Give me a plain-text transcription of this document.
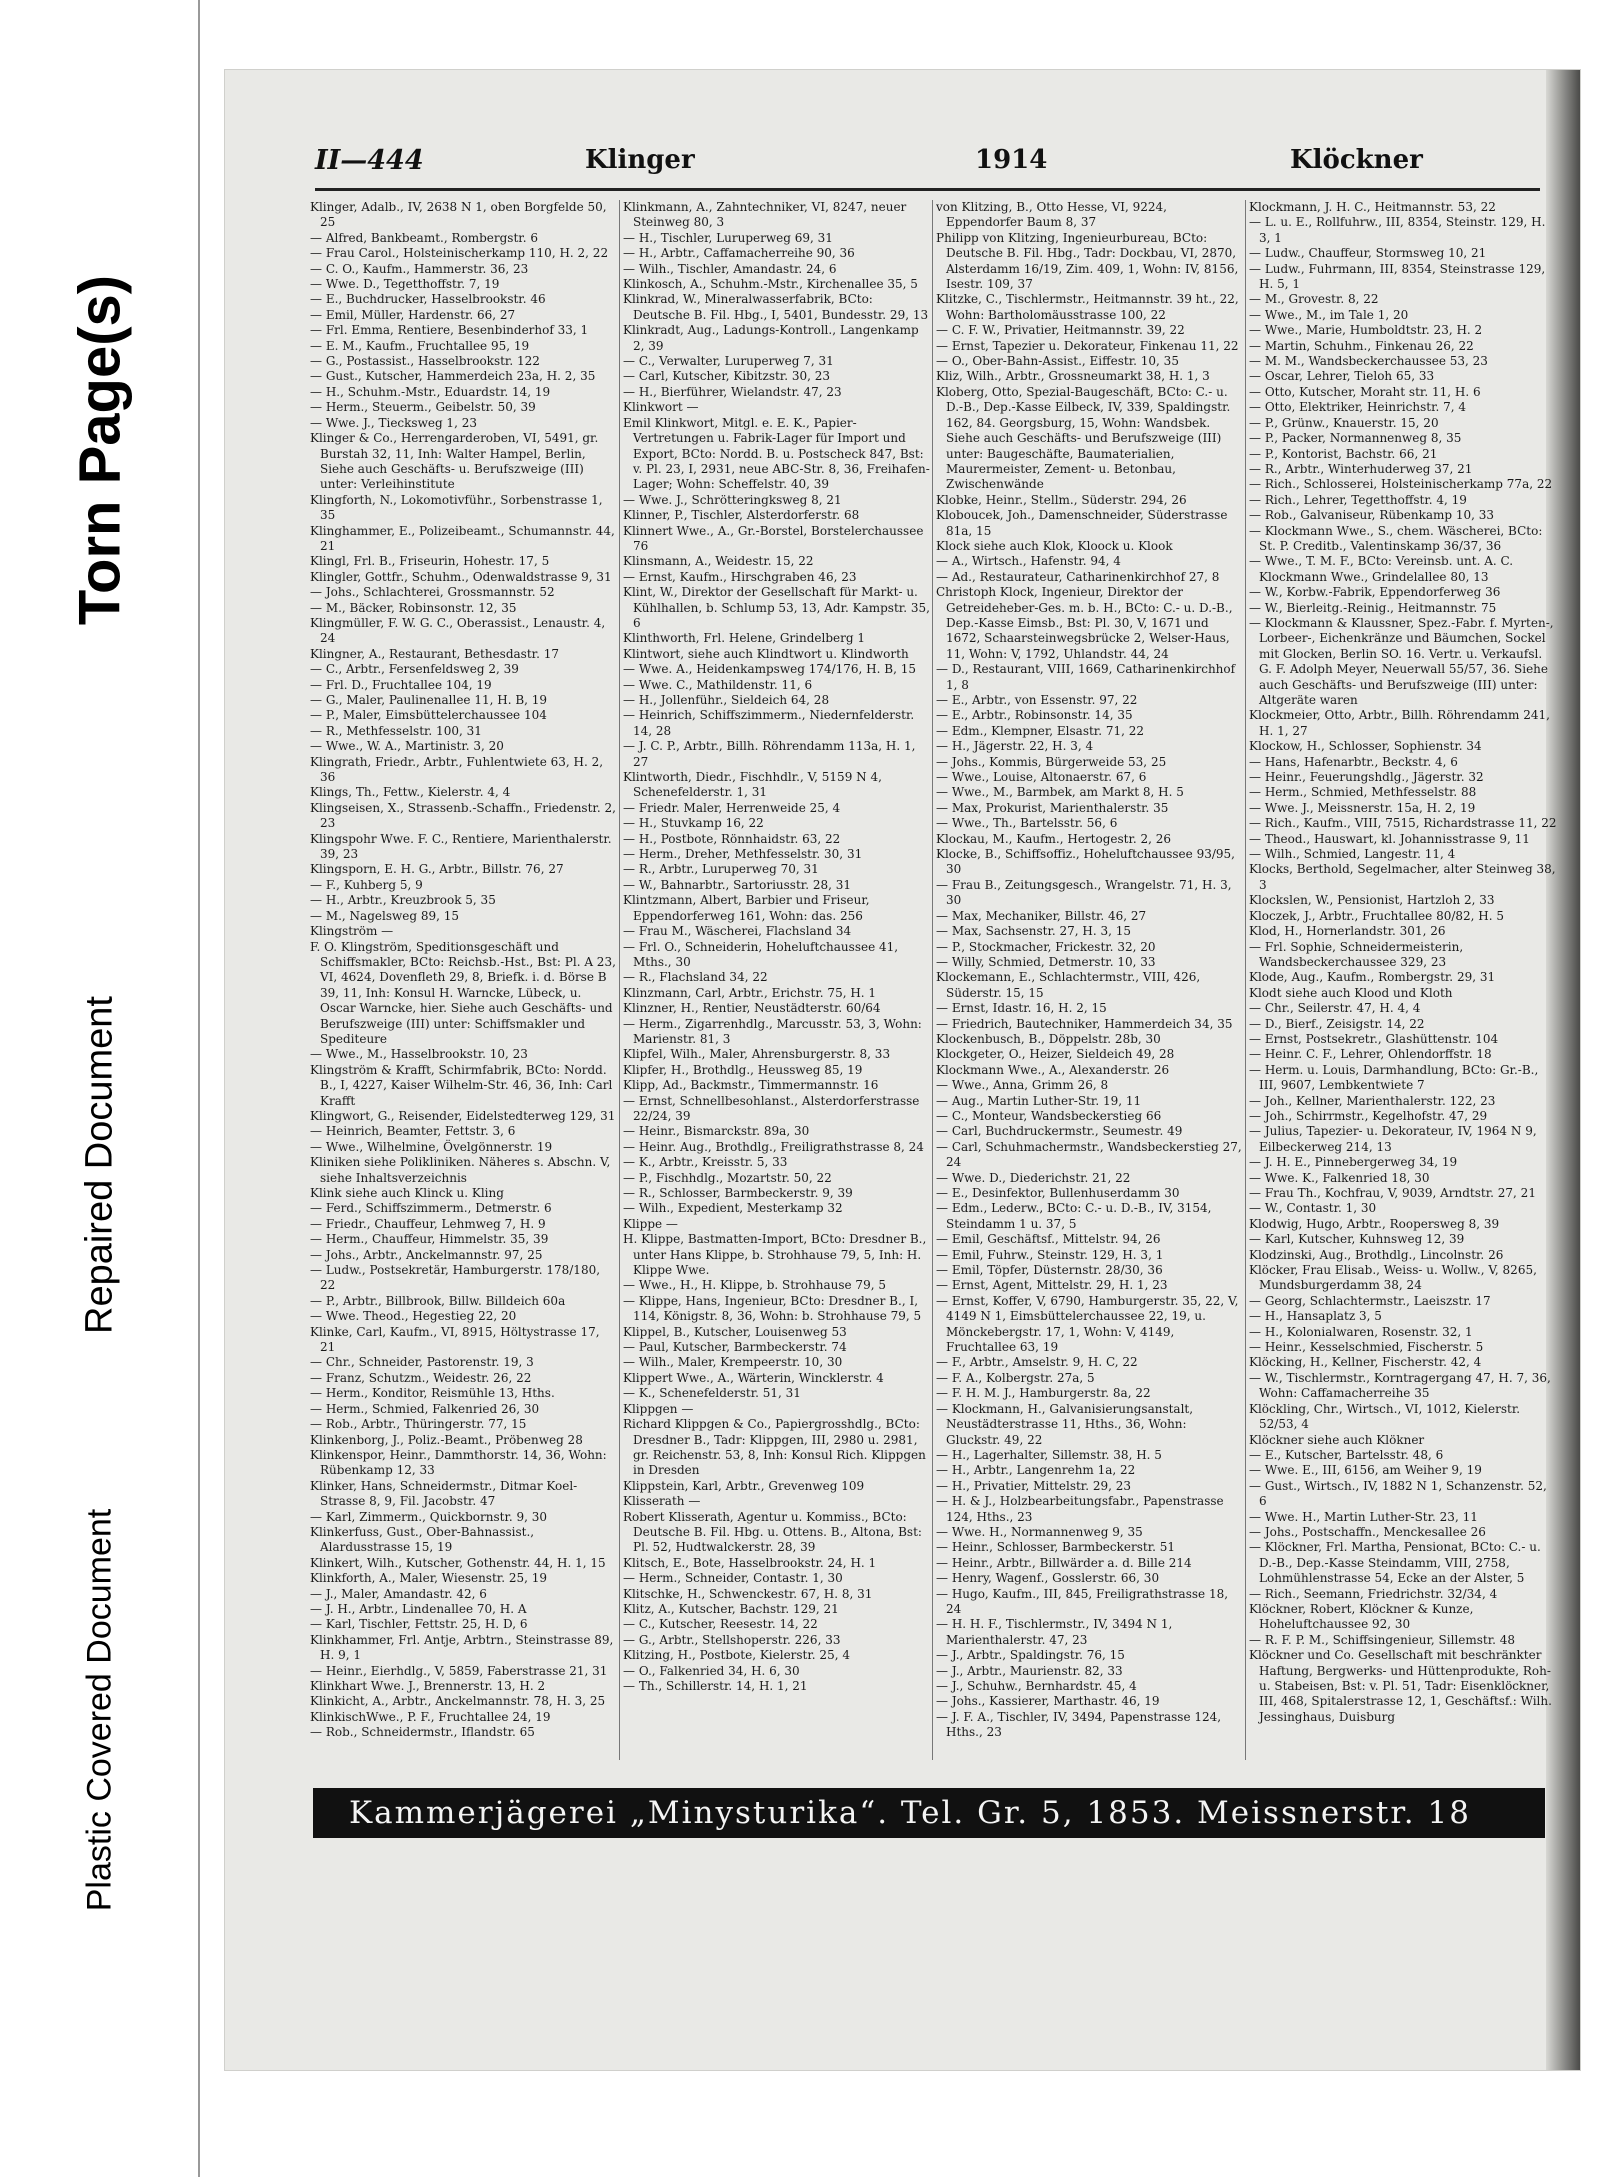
Torn Page(s)
Repaired Document
Plastic Covered Document
II—444	Klinger	1914	Klöckner

Klinger, Adalb., IV, 2638 N 1, oben Borgfelde 50, 25

— Alfred, Bankbeamt., Rombergstr. 6

— Frau Carol., Holsteinischerkamp 110, H. 2, 22

— C. O., Kaufm., Hammerstr. 36, 23

— Wwe. D., Tegetthoffstr. 7, 19

— E., Buchdrucker, Hasselbrookstr. 46

— Emil, Müller, Hardenstr. 66, 27

— Frl. Emma, Rentiere, Besenbinderhof 33, 1

— E. M., Kaufm., Fruchtallee 95, 19

— G., Postassist., Hasselbrookstr. 122

— Gust., Kutscher, Hammerdeich 23a, H. 2, 35

— H., Schuhm.-Mstr., Eduardstr. 14, 19

— Herm., Steuerm., Geibelstr. 50, 39

— Wwe. J., Tiecksweg 1, 23

Klinger & Co., Herrengarderoben, VI, 5491, gr. Burstah 32, 11, Inh: Walter Hampel, Berlin, Siehe auch Geschäfts- u. Berufszweige (III) unter: Verleihinstitute

Klingforth, N., Lokomotivführ., Sorbenstrasse 1, 35

Klinghammer, E., Polizeibeamt., Schumannstr. 44, 21

Klingl, Frl. B., Friseurin, Hohestr. 17, 5

Klingler, Gottfr., Schuhm., Odenwaldstrasse 9, 31

— Johs., Schlachterei, Grossmannstr. 52

— M., Bäcker, Robinsonstr. 12, 35

Klingmüller, F. W. G. C., Oberassist., Lenaustr. 4, 24

Klingner, A., Restaurant, Bethesdastr. 17

— C., Arbtr., Fersenfeldsweg 2, 39

— Frl. D., Fruchtallee 104, 19

— G., Maler, Paulinenallee 11, H. B, 19

— P., Maler, Eimsbüttelerchaussee 104

— R., Methfesselstr. 100, 31

— Wwe., W. A., Martinistr. 3, 20

Klingrath, Friedr., Arbtr., Fuhlentwiete 63, H. 2, 36

Klings, Th., Fettw., Kielerstr. 4, 4

Klingseisen, X., Strassenb.-Schaffn., Friedenstr. 2, 23

Klingspohr Wwe. F. C., Rentiere, Marienthalerstr. 39, 23

Klingsporn, E. H. G., Arbtr., Billstr. 76, 27

— F., Kuhberg 5, 9

— H., Arbtr., Kreuzbrook 5, 35

— M., Nagelsweg 89, 15

Klingström —

F. O. Klingström, Speditionsgeschäft und Schiffsmakler, BCto: Reichsb.-Hst., Bst: Pl. A 23, VI, 4624, Dovenfleth 29, 8, Briefk. i. d. Börse B 39, 11, Inh: Konsul H. Warncke, Lübeck, u. Oscar Warncke, hier. Siehe auch Geschäfts- und Berufszweige (III) unter: Schiffsmakler und Spediteure

— Wwe., M., Hasselbrookstr. 10, 23

Klingström & Krafft, Schirmfabrik, BCto: Nordd. B., I, 4227, Kaiser Wilhelm-Str. 46, 36, Inh: Carl Krafft

Klingwort, G., Reisender, Eidelstedterweg 129, 31

— Heinrich, Beamter, Fettstr. 3, 6

— Wwe., Wilhelmine, Övelgönnerstr. 19

Kliniken siehe Polikliniken. Näheres s. Abschn. V, siehe Inhaltsverzeichnis

Klink siehe auch Klinck u. Kling

— Ferd., Schiffszimmerm., Detmerstr. 6

— Friedr., Chauffeur, Lehmweg 7, H. 9

— Herm., Chauffeur, Himmelstr. 35, 39

— Johs., Arbtr., Anckelmannstr. 97, 25

— Ludw., Postsekretär, Hamburgerstr. 178/180, 22

— P., Arbtr., Billbrook, Billw. Billdeich 60a

— Wwe. Theod., Hegestieg 22, 20

Klinke, Carl, Kaufm., VI, 8915, Höltystrasse 17, 21

— Chr., Schneider, Pastorenstr. 19, 3

— Franz, Schutzm., Weidestr. 26, 22

— Herm., Konditor, Reismühle 13, Hths.

— Herm., Schmied, Falkenried 26, 30

— Rob., Arbtr., Thüringerstr. 77, 15

Klinkenborg, J., Poliz.-Beamt., Pröbenweg 28

Klinkenspor, Heinr., Dammthorstr. 14, 36, Wohn: Rübenkamp 12, 33

Klinker, Hans, Schneidermstr., Ditmar Koel-Strasse 8, 9, Fil. Jacobstr. 47

— Karl, Zimmerm., Quickbornstr. 9, 30

Klinkerfuss, Gust., Ober-Bahnassist., Alardusstrasse 15, 19

Klinkert, Wilh., Kutscher, Gothenstr. 44, H. 1, 15

Klinkforth, A., Maler, Wiesenstr. 25, 19

— J., Maler, Amandastr. 42, 6

— J. H., Arbtr., Lindenallee 70, H. A

— Karl, Tischler, Fettstr. 25, H. D, 6

Klinkhammer, Frl. Antje, Arbtrn., Steinstrasse 89, H. 9, 1

— Heinr., Eierhdlg., V, 5859, Faberstrasse 21, 31

Klinkhart Wwe. J., Brennerstr. 13, H. 2

Klinkicht, A., Arbtr., Anckelmannstr. 78, H. 3, 25

KlinkischWwe., P. F., Fruchtallee 24, 19

— Rob., Schneidermstr., Iflandstr. 65

Klinkmann, A., Zahntechniker, VI, 8247, neuer Steinweg 80, 3

— H., Tischler, Luruperweg 69, 31

— H., Arbtr., Caffamacherreihe 90, 36

— Wilh., Tischler, Amandastr. 24, 6

Klinkosch, A., Schuhm.-Mstr., Kirchenallee 35, 5

Klinkrad, W., Mineralwasserfabrik, BCto: Deutsche B. Fil. Hbg., I, 5401, Bundesstr. 29, 13

Klinkradt, Aug., Ladungs-Kontroll., Langenkamp 2, 39

— C., Verwalter, Luruperweg 7, 31

— Carl, Kutscher, Kibitzstr. 30, 23

— H., Bierführer, Wielandstr. 47, 23

Klinkwort —

Emil Klinkwort, Mitgl. e. E. K., Papier-Vertretungen u. Fabrik-Lager für Import und Export, BCto: Nordd. B. u. Postscheck 847, Bst: v. Pl. 23, I, 2931, neue ABC-Str. 8, 36, Freihafen-Lager; Wohn: Scheffelstr. 40, 39

— Wwe. J., Schrötteringksweg 8, 21

Klinner, P., Tischler, Alsterdorferstr. 68

Klinnert Wwe., A., Gr.-Borstel, Borstelerchaussee 76

Klinsmann, A., Weidestr. 15, 22

— Ernst, Kaufm., Hirschgraben 46, 23

Klint, W., Direktor der Gesellschaft für Markt- u. Kühlhallen, b. Schlump 53, 13, Adr. Kampstr. 35, 6

Klinthworth, Frl. Helene, Grindelberg 1

Klintwort, siehe auch Klindtwort u. Klindworth

— Wwe. A., Heidenkampsweg 174/176, H. B, 15

— Wwe. C., Mathildenstr. 11, 6

— H., Jollenführ., Sieldeich 64, 28

— Heinrich, Schiffszimmerm., Niedernfelderstr. 14, 28

— J. C. P., Arbtr., Billh. Röhrendamm 113a, H. 1, 27

Klintworth, Diedr., Fischhdlr., V, 5159 N 4, Schenefelderstr. 1, 31

— Friedr. Maler, Herrenweide 25, 4

— H., Stuvkamp 16, 22

— H., Postbote, Rönnhaidstr. 63, 22

— Herm., Dreher, Methfesselstr. 30, 31

— R., Arbtr., Luruperweg 70, 31

— W., Bahnarbtr., Sartoriusstr. 28, 31

Klintzmann, Albert, Barbier und Friseur, Eppendorferweg 161, Wohn: das. 256

— Frau M., Wäscherei, Flachsland 34

— Frl. O., Schneiderin, Hoheluftchaussee 41, Mths., 30

— R., Flachsland 34, 22

Klinzmann, Carl, Arbtr., Erichstr. 75, H. 1

Klinzner, H., Rentier, Neustädterstr. 60/64

— Herm., Zigarrenhdlg., Marcusstr. 53, 3, Wohn: Marienstr. 81, 3

Klipfel, Wilh., Maler, Ahrensburgerstr. 8, 33

Klipfer, H., Brothdlg., Heussweg 85, 19

Klipp, Ad., Backmstr., Timmermannstr. 16

— Ernst, Schnellbesohlanst., Alsterdorferstrasse 22/24, 39

— Heinr., Bismarckstr. 89a, 30

— Heinr. Aug., Brothdlg., Freiligrathstrasse 8, 24

— K., Arbtr., Kreisstr. 5, 33

— P., Fischhdlg., Mozartstr. 50, 22

— R., Schlosser, Barmbeckerstr. 9, 39

— Wilh., Expedient, Mesterkamp 32

Klippe —

H. Klippe, Bastmatten-Import, BCto: Dresdner B., unter Hans Klippe, b. Strohhause 79, 5, Inh: H. Klippe Wwe.

— Wwe., H., H. Klippe, b. Strohhause 79, 5

— Klippe, Hans, Ingenieur, BCto: Dresdner B., I, 114, Königstr. 8, 36, Wohn: b. Strohhause 79, 5

Klippel, B., Kutscher, Louisenweg 53

— Paul, Kutscher, Barmbeckerstr. 74

— Wilh., Maler, Krempeerstr. 10, 30

Klippert Wwe., A., Wärterin, Wincklerstr. 4

— K., Schenefelderstr. 51, 31

Klippgen —

Richard Klippgen & Co., Papiergrosshdlg., BCto: Dresdner B., Tadr: Klippgen, III, 2980 u. 2981, gr. Reichenstr. 53, 8, Inh: Konsul Rich. Klippgen in Dresden

Klippstein, Karl, Arbtr., Grevenweg 109

Klisserath —

Robert Klisserath, Agentur u. Kommiss., BCto: Deutsche B. Fil. Hbg. u. Ottens. B., Altona, Bst: Pl. 52, Hudtwalckerstr. 28, 39

Klitsch, E., Bote, Hasselbrookstr. 24, H. 1

— Herm., Schneider, Contastr. 1, 30

Klitschke, H., Schwenckestr. 67, H. 8, 31

Klitz, A., Kutscher, Bachstr. 129, 21

— C., Kutscher, Reesestr. 14, 22

— G., Arbtr., Stellshoperstr. 226, 33

Klitzing, H., Postbote, Kielerstr. 25, 4

— O., Falkenried 34, H. 6, 30

— Th., Schillerstr. 14, H. 1, 21

von Klitzing, B., Otto Hesse, VI, 9224, Eppendorfer Baum 8, 37

Philipp von Klitzing, Ingenieurbureau, BCto: Deutsche B. Fil. Hbg., Tadr: Dockbau, VI, 2870, Alsterdamm 16/19, Zim. 409, 1, Wohn: IV, 8156, Isestr. 109, 37

Klitzke, C., Tischlermstr., Heitmannstr. 39 ht., 22, Wohn: Bartholomäusstrasse 100, 22

— C. F. W., Privatier, Heitmannstr. 39, 22

— Ernst, Tapezier u. Dekorateur, Finkenau 11, 22

— O., Ober-Bahn-Assist., Eiffestr. 10, 35

Kliz, Wilh., Arbtr., Grossneumarkt 38, H. 1, 3

Kloberg, Otto, Spezial-Baugeschäft, BCto: C.- u. D.-B., Dep.-Kasse Eilbeck, IV, 339, Spaldingstr. 162, 84. Georgsburg, 15, Wohn: Wandsbek. Siehe auch Geschäfts- und Berufszweige (III) unter: Baugeschäfte, Baumaterialien, Maurermeister, Zement- u. Betonbau, Zwischenwände

Klobke, Heinr., Stellm., Süderstr. 294, 26

Kloboucek, Joh., Damenschneider, Süderstrasse 81a, 15

Klock siehe auch Klok, Kloock u. Klook

— A., Wirtsch., Hafenstr. 94, 4

— Ad., Restaurateur, Catharinenkirchhof 27, 8

Christoph Klock, Ingenieur, Direktor der Getreideheber-Ges. m. b. H., BCto: C.- u. D.-B., Dep.-Kasse Eimsb., Bst: Pl. 30, V, 1671 und 1672, Schaarsteinwegsbrücke 2, Welser-Haus, 11, Wohn: V, 1792, Uhlandstr. 44, 24

— D., Restaurant, VIII, 1669, Catharinenkirchhof 1, 8

— E., Arbtr., von Essenstr. 97, 22

— E., Arbtr., Robinsonstr. 14, 35

— Edm., Klempner, Elsastr. 71, 22

— H., Jägerstr. 22, H. 3, 4

— Johs., Kommis, Bürgerweide 53, 25

— Wwe., Louise, Altonaerstr. 67, 6

— Wwe., M., Barmbek, am Markt 8, H. 5

— Max, Prokurist, Marienthalerstr. 35

— Wwe., Th., Bartelsstr. 56, 6

Klockau, M., Kaufm., Hertogestr. 2, 26

Klocke, B., Schiffsoffiz., Hoheluftchaussee 93/95, 30

— Frau B., Zeitungsgesch., Wrangelstr. 71, H. 3, 30

— Max, Mechaniker, Billstr. 46, 27

— Max, Sachsenstr. 27, H. 3, 15

— P., Stockmacher, Frickestr. 32, 20

— Willy, Schmied, Detmerstr. 10, 33

Klockemann, E., Schlachtermstr., VIII, 426, Süderstr. 15, 15

— Ernst, Idastr. 16, H. 2, 15

— Friedrich, Bautechniker, Hammerdeich 34, 35

Klockenbusch, B., Döppelstr. 28b, 30

Klockgeter, O., Heizer, Sieldeich 49, 28

Klockmann Wwe., A., Alexanderstr. 26

— Wwe., Anna, Grimm 26, 8

— Aug., Martin Luther-Str. 19, 11

— C., Monteur, Wandsbeckerstieg 66

— Carl, Buchdruckermstr., Seumestr. 49

— Carl, Schuhmachermstr., Wandsbeckerstieg 27, 24

— Wwe. D., Diederichstr. 21, 22

— E., Desinfektor, Bullenhuserdamm 30

— Edm., Lederw., BCto: C.- u. D.-B., IV, 3154, Steindamm 1 u. 37, 5

— Emil, Geschäftsf., Mittelstr. 94, 26

— Emil, Fuhrw., Steinstr. 129, H. 3, 1

— Emil, Töpfer, Düsternstr. 28/30, 36

— Ernst, Agent, Mittelstr. 29, H. 1, 23

— Ernst, Koffer, V, 6790, Hamburgerstr. 35, 22, V, 4149 N 1, Eimsbüttelerchaussee 22, 19, u. Mönckebergstr. 17, 1, Wohn: V, 4149, Fruchtallee 63, 19

— F., Arbtr., Amselstr. 9, H. C, 22

— F. A., Kolbergstr. 27a, 5

— F. H. M. J., Hamburgerstr. 8a, 22

— Klockmann, H., Galvanisierungsanstalt, Neustädterstrasse 11, Hths., 36, Wohn: Gluckstr. 49, 22

— H., Lagerhalter, Sillemstr. 38, H. 5

— H., Arbtr., Langenrehm 1a, 22

— H., Privatier, Mittelstr. 29, 23

— H. & J., Holzbearbeitungsfabr., Papenstrasse 124, Hths., 23

— Wwe. H., Normannenweg 9, 35

— Heinr., Schlosser, Barmbeckerstr. 51

— Heinr., Arbtr., Billwärder a. d. Bille 214

— Henry, Wagenf., Gosslerstr. 66, 30

— Hugo, Kaufm., III, 845, Freiligrathstrasse 18, 24

— H. H. F., Tischlermstr., IV, 3494 N 1, Marienthalerstr. 47, 23

— J., Arbtr., Spaldingstr. 76, 15

— J., Arbtr., Maurienstr. 82, 33

— J., Schuhw., Bernhardstr. 45, 4

— Johs., Kassierer, Marthastr. 46, 19

— J. F. A., Tischler, IV, 3494, Papenstrasse 124, Hths., 23

Klockmann, J. H. C., Heitmannstr. 53, 22

— L. u. E., Rollfuhrw., III, 8354, Steinstr. 129, H. 3, 1

— Ludw., Chauffeur, Stormsweg 10, 21

— Ludw., Fuhrmann, III, 8354, Steinstrasse 129, H. 5, 1

— M., Grovestr. 8, 22

— Wwe., M., im Tale 1, 20

— Wwe., Marie, Humboldtstr. 23, H. 2

— Martin, Schuhm., Finkenau 26, 22

— M. M., Wandsbeckerchaussee 53, 23

— Oscar, Lehrer, Tieloh 65, 33

— Otto, Kutscher, Moraht str. 11, H. 6

— Otto, Elektriker, Heinrichstr. 7, 4

— P., Grünw., Knauerstr. 15, 20

— P., Packer, Normannenweg 8, 35

— P., Kontorist, Bachstr. 66, 21

— R., Arbtr., Winterhuderweg 37, 21

— Rich., Schlosserei, Holsteinischerkamp 77a, 22

— Rich., Lehrer, Tegetthoffstr. 4, 19

— Rob., Galvaniseur, Rübenkamp 10, 33

— Klockmann Wwe., S., chem. Wäscherei, BCto: St. P. Creditb., Valentinskamp 36/37, 36

— Wwe., T. M. F., BCto: Vereinsb. unt. A. C. Klockmann Wwe., Grindelallee 80, 13

— W., Korbw.-Fabrik, Eppendorferweg 36

— W., Bierleitg.-Reinig., Heitmannstr. 75

— Klockmann & Klaussner, Spez.-Fabr. f. Myrten-, Lorbeer-, Eichenkränze und Bäumchen, Sockel mit Glocken, Berlin SO. 16. Vertr. u. Verkaufsl. G. F. Adolph Meyer, Neuerwall 55/57, 36. Siehe auch Geschäfts- und Berufszweige (III) unter: Altgeräte waren

Klockmeier, Otto, Arbtr., Billh. Röhrendamm 241, H. 1, 27

Klockow, H., Schlosser, Sophienstr. 34

— Hans, Hafenarbtr., Beckstr. 4, 6

— Heinr., Feuerungshdlg., Jägerstr. 32

— Herm., Schmied, Methfesselstr. 88

— Wwe. J., Meissnerstr. 15a, H. 2, 19

— Rich., Kaufm., VIII, 7515, Richardstrasse 11, 22

— Theod., Hauswart, kl. Johannisstrasse 9, 11

— Wilh., Schmied, Langestr. 11, 4

Klocks, Berthold, Segelmacher, alter Steinweg 38, 3

Klockslen, W., Pensionist, Hartzloh 2, 33

Kloczek, J., Arbtr., Fruchtallee 80/82, H. 5

Klod, H., Hornerlandstr. 301, 26

— Frl. Sophie, Schneidermeisterin, Wandsbeckerchaussee 329, 23

Klode, Aug., Kaufm., Rombergstr. 29, 31

Klodt siehe auch Klood und Kloth

— Chr., Seilerstr. 47, H. 4, 4

— D., Bierf., Zeisigstr. 14, 22

— Ernst, Postsekretr., Glashüttenstr. 104

— Heinr. C. F., Lehrer, Ohlendorffstr. 18

— Herm. u. Louis, Darmhandlung, BCto: Gr.-B., III, 9607, Lembkentwiete 7

— Joh., Kellner, Marienthalerstr. 122, 23

— Joh., Schirrmstr., Kegelhofstr. 47, 29

— Julius, Tapezier- u. Dekorateur, IV, 1964 N 9, Eilbeckerweg 214, 13

— J. H. E., Pinnebergerweg 34, 19

— Wwe. K., Falkenried 18, 30

— Frau Th., Kochfrau, V, 9039, Arndtstr. 27, 21

— W., Contastr. 1, 30

Klodwig, Hugo, Arbtr., Roopersweg 8, 39

— Karl, Kutscher, Kuhnsweg 12, 39

Klodzinski, Aug., Brothdlg., Lincolnstr. 26

Klöcker, Frau Elisab., Weiss- u. Wollw., V, 8265, Mundsburgerdamm 38, 24

— Georg, Schlachtermstr., Laeiszstr. 17

— H., Hansaplatz 3, 5

— H., Kolonialwaren, Rosenstr. 32, 1

— Heinr., Kesselschmied, Fischerstr. 5

Klöcking, H., Kellner, Fischerstr. 42, 4

— W., Tischlermstr., Korntragergang 47, H. 7, 36, Wohn: Caffamacherreihe 35

Klöckling, Chr., Wirtsch., VI, 1012, Kielerstr. 52/53, 4

Klöckner siehe auch Klökner

— E., Kutscher, Bartelsstr. 48, 6

— Wwe. E., III, 6156, am Weiher 9, 19

— Gust., Wirtsch., IV, 1882 N 1, Schanzenstr. 52, 6

— Wwe. H., Martin Luther-Str. 23, 11

— Johs., Postschaffn., Menckesallee 26

— Klöckner, Frl. Martha, Pensionat, BCto: C.- u. D.-B., Dep.-Kasse Steindamm, VIII, 2758, Lohmühlenstrasse 54, Ecke an der Alster, 5

— Rich., Seemann, Friedrichstr. 32/34, 4

Klöckner, Robert, Klöckner & Kunze, Hoheluftchaussee 92, 30

— R. F. P. M., Schiffsingenieur, Sillemstr. 48

Klöckner und Co. Gesellschaft mit beschränkter Haftung, Bergwerks- und Hüttenprodukte, Roh- u. Stabeisen, Bst: v. Pl. 51, Tadr: Eisenklöckner, III, 468, Spitalerstrasse 12, 1, Geschäftsf.: Wilh. Jessinghaus, Duisburg

Kammerjägerei „Minysturika“. Tel. Gr. 5, 1853. Meissnerstr. 18
